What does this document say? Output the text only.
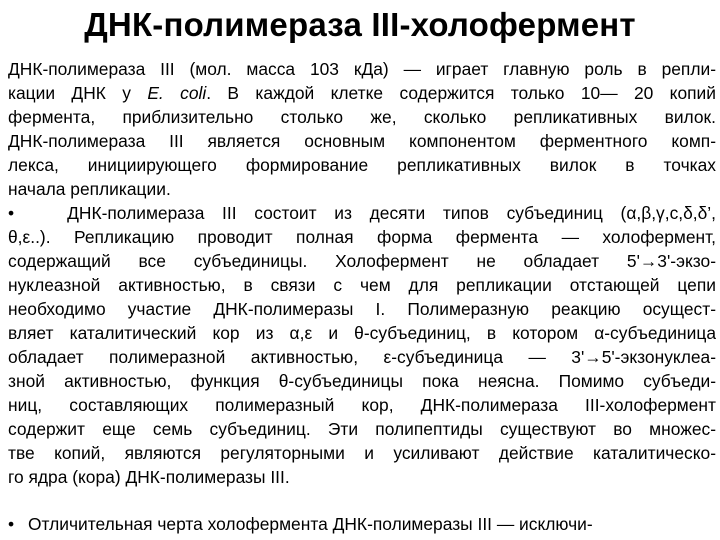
ДНК-полимераза III-холофермент
ДНК-полимераза III (мол. масса 103 кДа) — играет главную роль в репли-
кации ДНК у E. coli. В каждой клетке содержится только 10— 20 копий
фермента, приблизительно столько же, сколько репликативных вилок.
ДНК-полимераза III является основным компонентом ферментного комп-
лекса, инициирующего формирование репликативных вилок в точках
начала репликации.
•   ДНК-полимераза III состоит из десяти типов субъединиц (α,β,γ,c,δ,δ’,
θ,ε..). Репликацию проводит полная форма фермента — холофермент,
содержащий все субъединицы. Холофермент не обладает 5'→3'-экзо-
нуклеазной активностью, в связи с чем для репликации отстающей цепи
необходимо участие ДНК-полимеразы I. Полимеразную реакцию осущест-
вляет каталитический кор из α,ε и θ-субъединиц, в котором α-субъединица
обладает полимеразной активностью, ε-субъединица — 3'→5'-экзонуклеа-
зной активностью, функция θ-субъединицы пока неясна. Помимо субъеди-
ниц, составляющих полимеразный кор, ДНК-полимераза III-холофермент
содержит еще семь субъединиц. Эти полипептиды существуют во множес-
тве копий, являются регуляторными и усиливают действие каталитическо-
го ядра (кора) ДНК-полимеразы III.
• Отличительная черта холофермента ДНК-полимеразы III — исключи-
